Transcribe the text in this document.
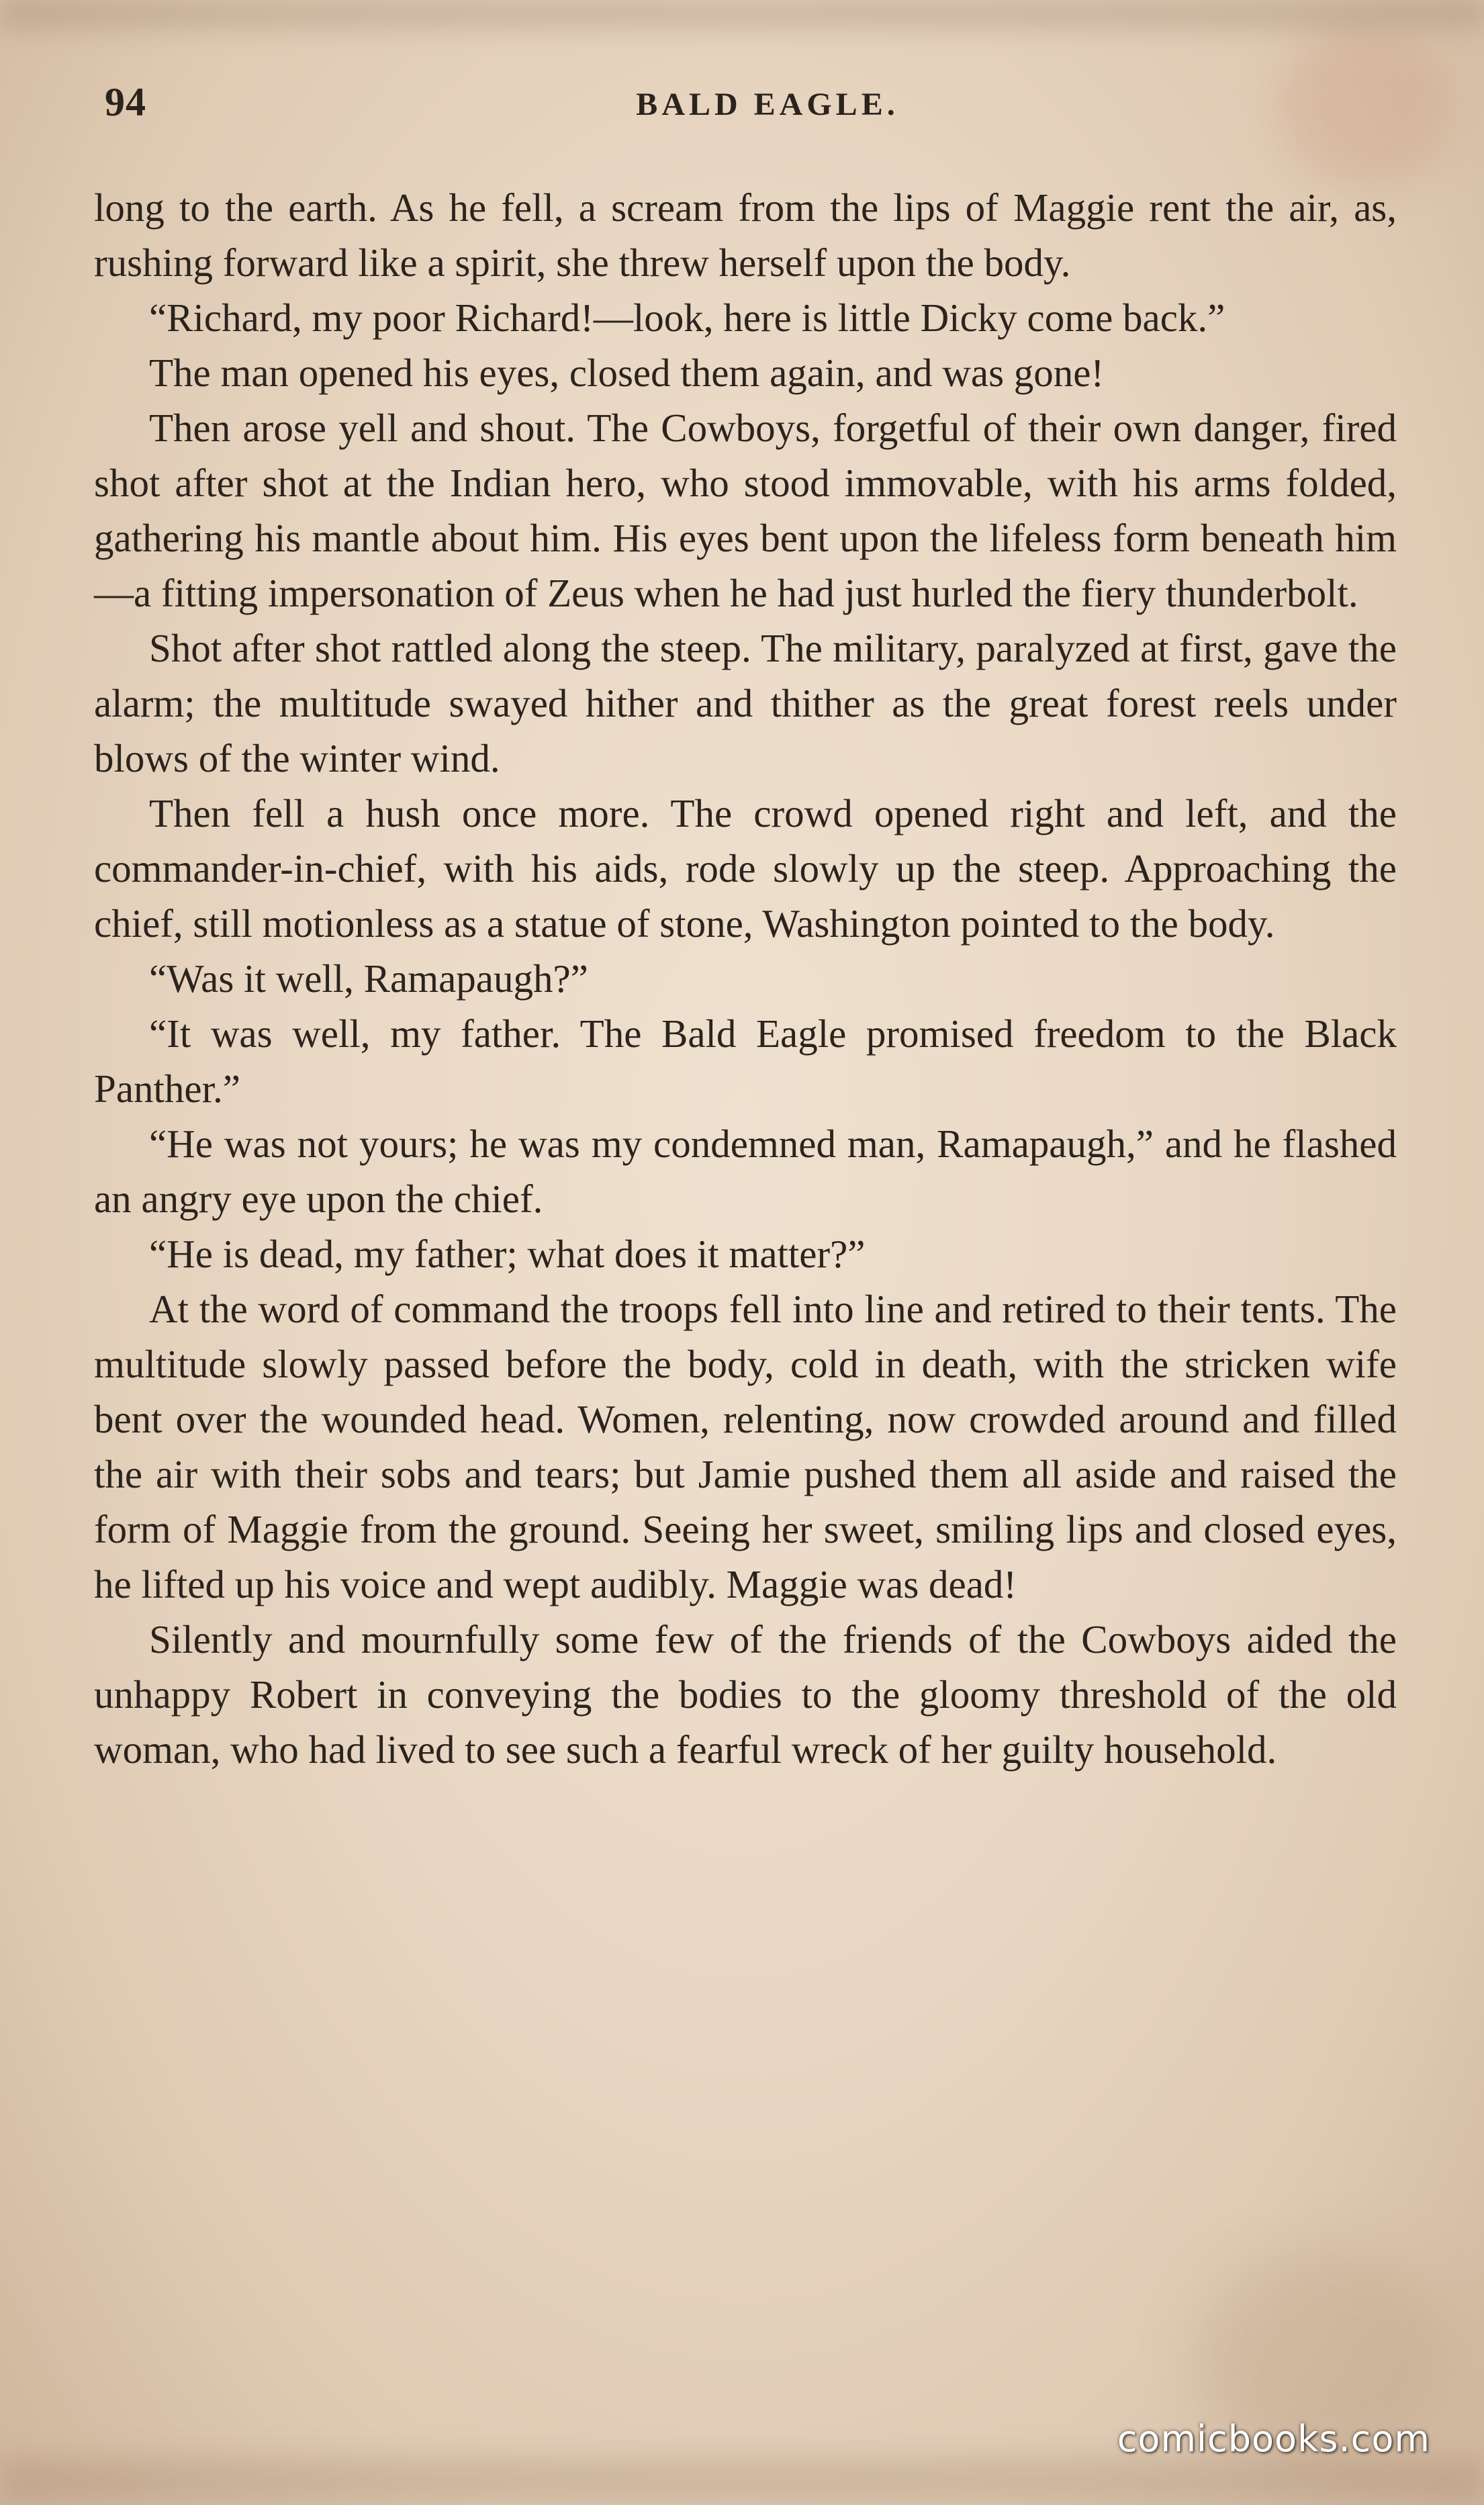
94	BALD EAGLE.

long to the earth. As he fell, a scream from the lips of Maggie rent the air, as, rushing forward like a spirit, she threw herself upon the body.

“Richard, my poor Richard!—look, here is little Dicky come back.”

The man opened his eyes, closed them again, and was gone!

Then arose yell and shout. The Cowboys, forgetful of their own danger, fired shot after shot at the Indian hero, who stood immovable, with his arms folded, gathering his mantle about him. His eyes bent upon the lifeless form beneath him—a fitting impersonation of Zeus when he had just hurled the fiery thunderbolt.

Shot after shot rattled along the steep. The military, paralyzed at first, gave the alarm; the multitude swayed hither and thither as the great forest reels under blows of the winter wind.

Then fell a hush once more. The crowd opened right and left, and the commander-in-chief, with his aids, rode slowly up the steep. Approaching the chief, still motionless as a statue of stone, Washington pointed to the body.

“Was it well, Ramapaugh?”

“It was well, my father. The Bald Eagle promised freedom to the Black Panther.”

“He was not yours; he was my condemned man, Ramapaugh,” and he flashed an angry eye upon the chief.

“He is dead, my father; what does it matter?”

At the word of command the troops fell into line and retired to their tents. The multitude slowly passed before the body, cold in death, with the stricken wife bent over the wounded head. Women, relenting, now crowded around and filled the air with their sobs and tears; but Jamie pushed them all aside and raised the form of Maggie from the ground. Seeing her sweet, smiling lips and closed eyes, he lifted up his voice and wept audibly. Maggie was dead!

Silently and mournfully some few of the friends of the Cowboys aided the unhappy Robert in conveying the bodies to the gloomy threshold of the old woman, who had lived to see such a fearful wreck of her guilty household.

comicbooks.com
